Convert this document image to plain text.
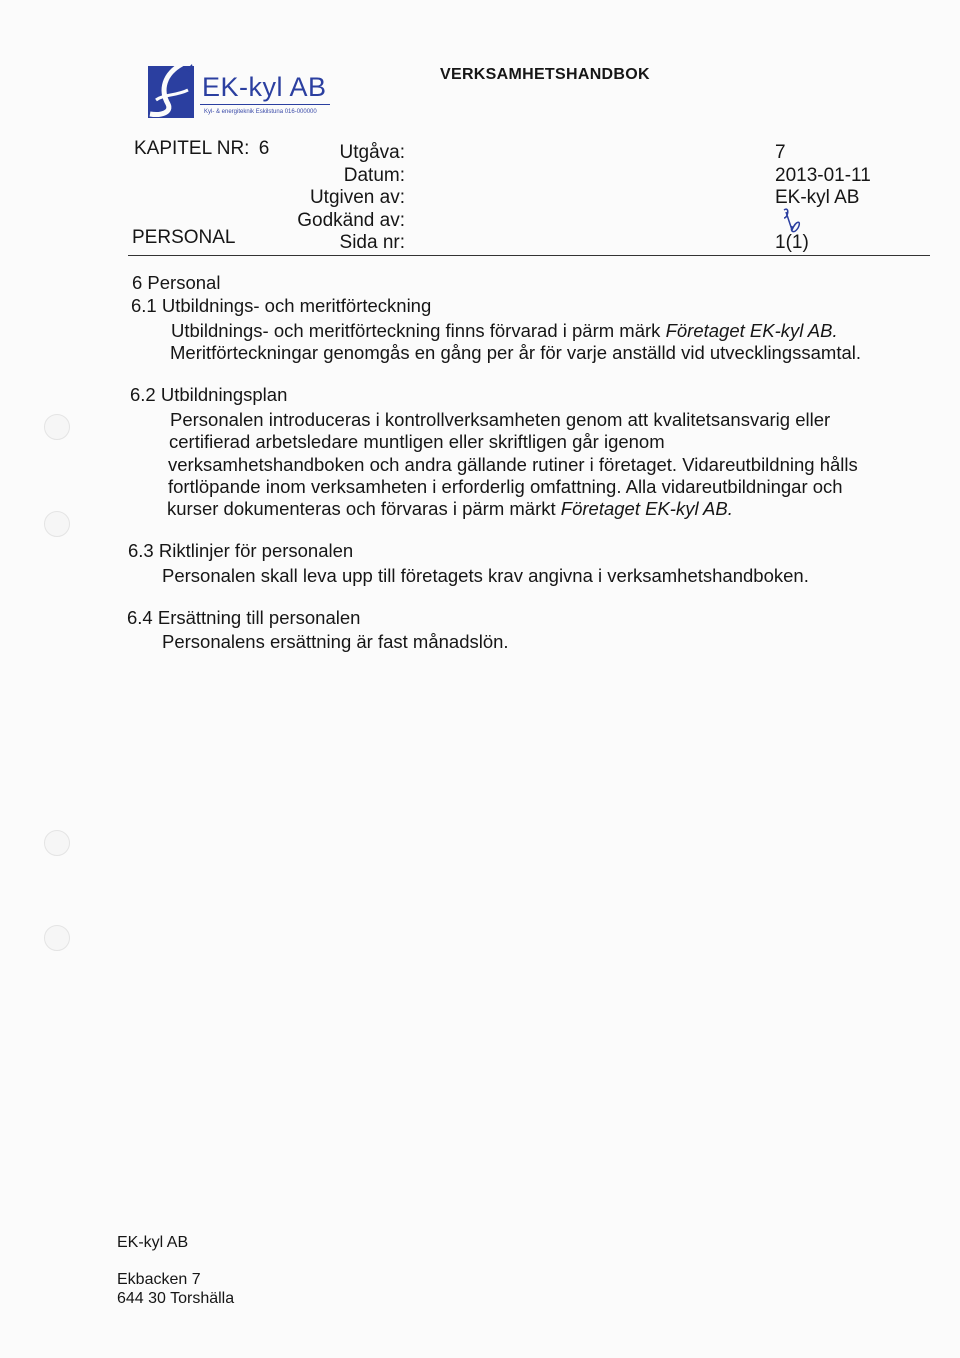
EK-kyl AB
Kyl- & energiteknik Eskilstuna 016-000000
VERKSAMHETSHANDBOK
KAPITEL NR: 6
PERSONAL
Utgåva:	7
Datum:	2013-01-11
Utgiven av:	EK-kyl AB
Godkänd av:
Sida nr:	1(1)
6 Personal
6.1 Utbildnings- och meritförteckning
Utbildnings- och meritförteckning finns förvarad i pärm märk Företaget EK-kyl AB.
Meritförteckningar genomgås en gång per år för varje anställd vid utvecklingssamtal.
6.2 Utbildningsplan
Personalen introduceras i kontrollverksamheten genom att kvalitetsansvarig eller
certifierad arbetsledare muntligen eller skriftligen går igenom
verksamhetshandboken och andra gällande rutiner i företaget. Vidareutbildning hålls
fortlöpande inom verksamheten i erforderlig omfattning. Alla vidareutbildningar och
kurser dokumenteras och förvaras i pärm märkt Företaget EK-kyl AB.
6.3 Riktlinjer för personalen
Personalen skall leva upp till företagets krav angivna i verksamhetshandboken.
6.4 Ersättning till personalen
Personalens ersättning är fast månadslön.
EK-kyl AB
Ekbacken 7
644 30 Torshälla
